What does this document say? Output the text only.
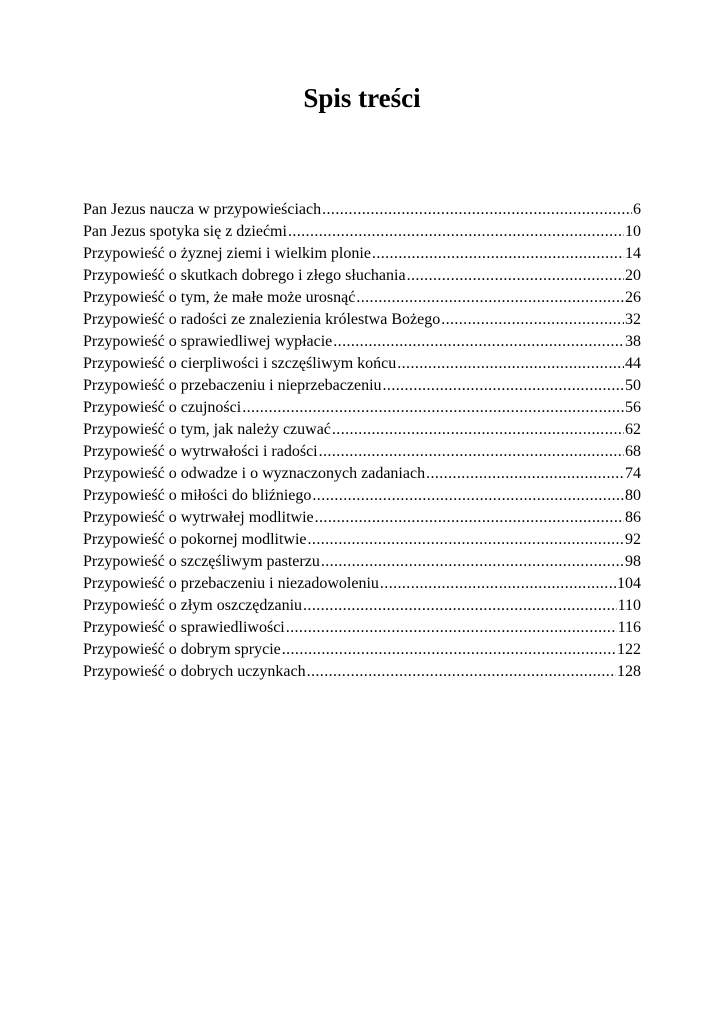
Spis treści
Pan Jezus naucza w przypowieściach .....	6
Pan Jezus spotyka się z dziećmi .....	10
Przypowieść o żyznej ziemi i wielkim plonie .....	14
Przypowieść o skutkach dobrego i złego słuchania .....	20
Przypowieść o tym, że małe może urosnąć .....	26
Przypowieść o radości ze znalezienia królestwa Bożego .....	32
Przypowieść o sprawiedliwej wypłacie .....	38
Przypowieść o cierpliwości i szczęśliwym końcu .....	44
Przypowieść o przebaczeniu i nieprzebaczeniu .....	50
Przypowieść o czujności .....	56
Przypowieść o tym, jak należy czuwać .....	62
Przypowieść o wytrwałości i radości .....	68
Przypowieść o odwadze i o wyznaczonych zadaniach .....	74
Przypowieść o miłości do bliźniego .....	80
Przypowieść o wytrwałej modlitwie .....	86
Przypowieść o pokornej modlitwie .....	92
Przypowieść o szczęśliwym pasterzu .....	98
Przypowieść o przebaczeniu i niezadowoleniu .....	104
Przypowieść o złym oszczędzaniu .....	110
Przypowieść o sprawiedliwości .....	116
Przypowieść o dobrym sprycie .....	122
Przypowieść o dobrych uczynkach .....	128
